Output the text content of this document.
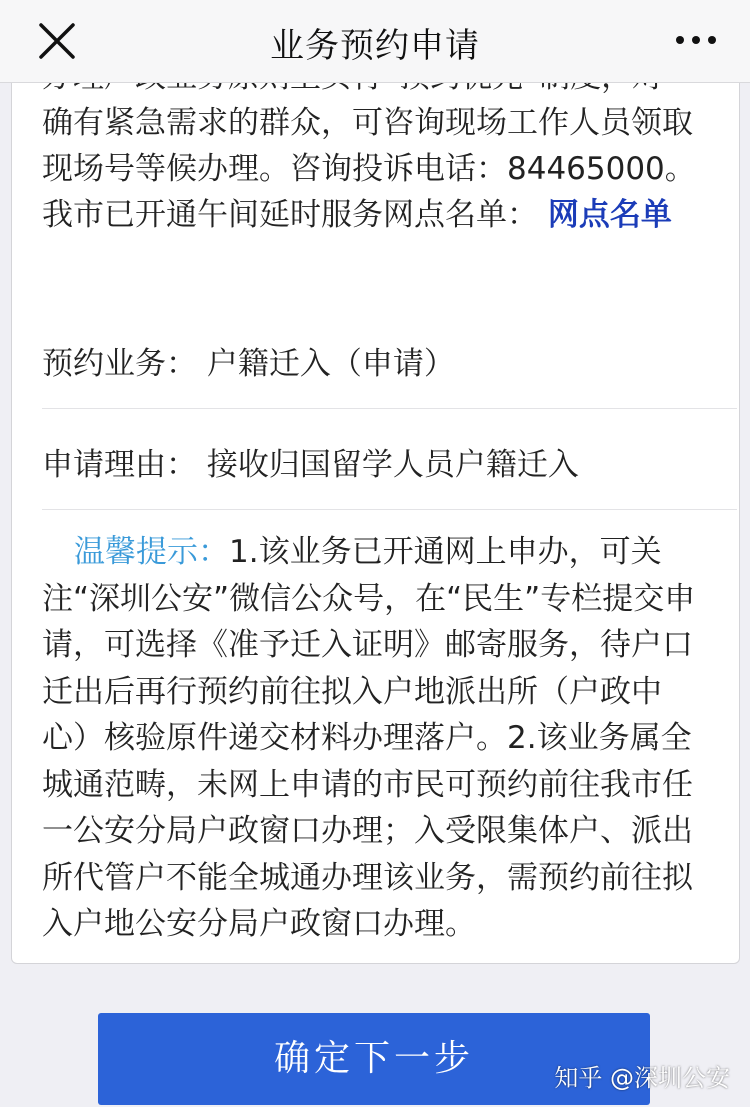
业务预约申请
确有紧急需求的群众，可咨询现场工作人员领取现场号等候办理。咨询投诉电话：84465000。我市已开通午间延时服务网点名单： 网点名单
预约业务： 户籍迁入（申请）
申请理由： 接收归国留学人员户籍迁入
温馨提示：1.该业务已开通网上申办，可关注“深圳公安”微信公众号，在“民生”专栏提交申请，可选择《准予迁入证明》邮寄服务，待户口迁出后再行预约前往拟入户地派出所（户政中心）核验原件递交材料办理落户。2.该业务属全城通范畴，未网上申请的市民可预约前往我市任一公安分局户政窗口办理；入受限集体户、派出所代管户不能全城通办理该业务，需预约前往拟入户地公安分局户政窗口办理。
确定下一步	知乎 @深圳公安
